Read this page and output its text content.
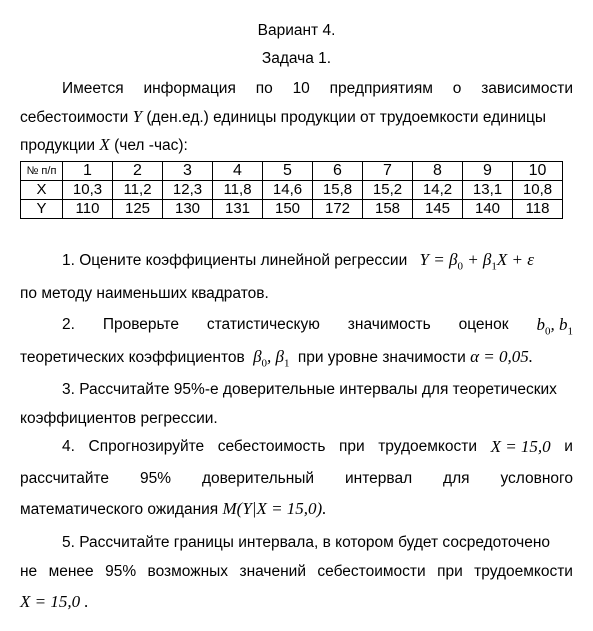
Вариант 4.
Задача 1.
Имеется информация по 10 предприятиям о зависимости
себестоимости Y (ден.ед.) единицы продукции от трудоемкости единицы
продукции X (чел -час):
№ п/п	1	2	3	4	5	6	7	8	9	10
X	10,3	11,2	12,3	11,8	14,6	15,8	15,2	14,2	13,1	10,8
Y	110	125	130	131	150	172	158	145	140	118
1. Оцените коэффициенты линейной регрессии $Y = \beta_0 + \beta_1X + \varepsilon$
по методу наименьших квадратов.
2. Проверьте статистическую значимость оценок $b_0$, $b_1$
теоретических коэффициентов $\beta_0$, $\beta_1$ при уровне значимости α = 0,05.
3. Рассчитайте 95%-е доверительные интервалы для теоретических
коэффициентов регрессии.
4. Спрогнозируйте себестоимость при трудоемкости X = 15,0 и
рассчитайте 95% доверительный интервал для условного
математического ожидания M(Y|X = 15,0).
5. Рассчитайте границы интервала, в котором будет сосредоточено
не менее 95% возможных значений себестоимости при трудоемкости
X = 15,0 .
